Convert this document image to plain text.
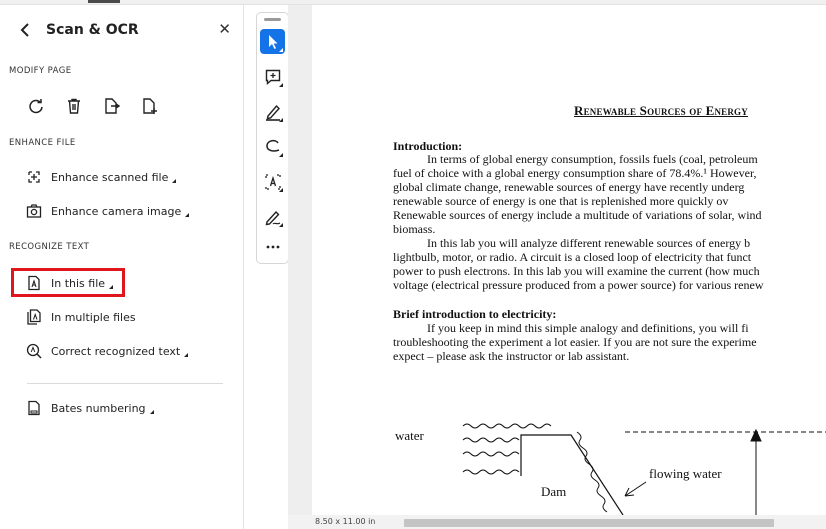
Scan & OCR	✕
MODIFY PAGE
ENHANCE FILE
Enhance scanned file
Enhance camera image
RECOGNIZE TEXT
In this file
In multiple files
Correct recognized text
Bates numbering
Renewable Sources of Energy
Introduction:
In terms of global energy consumption, fossils fuels (coal, petroleum
fuel of choice with a global energy consumption share of 78.4%.¹ However,
global climate change, renewable sources of energy have recently underg
renewable source of energy is one that is replenished more quickly ov
Renewable sources of energy include a multitude of variations of solar, wind
biomass.
In this lab you will analyze different renewable sources of energy b
lightbulb, motor, or radio. A circuit is a closed loop of electricity that funct
power to push electrons. In this lab you will examine the current (how much
voltage (electrical pressure produced from a power source) for various renew
Brief introduction to electricity:
If you keep in mind this simple analogy and definitions, you will fi
troubleshooting the experiment a lot easier. If you are not sure the experime
expect – please ask the instructor or lab assistant.
water
flowing water
Dam
8.50 x 11.00 in
